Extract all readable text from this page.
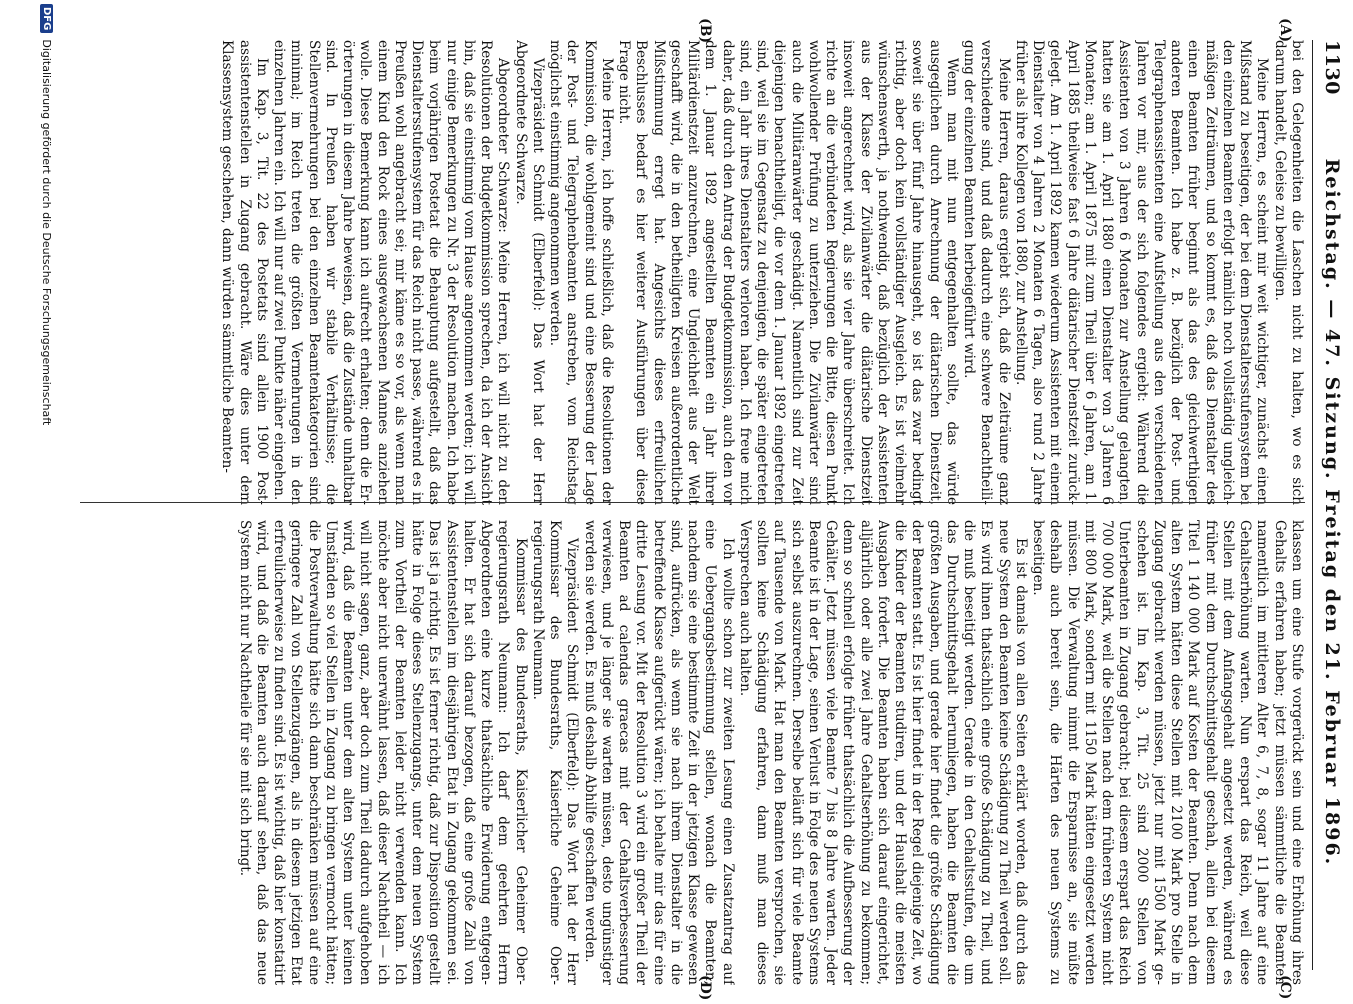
1130
Reichstag. — 47. Sitzung. Freitag den 21. Februar 1896.
(A)
(B)
(C)
(D)

bei den Gelegenheiten die Laschen nicht zu halten, wo es sich darum handelt, Geleise zu bewilligen.

Meine Herren, es scheint mir weit wichtiger, zunächst einen Mißstand zu beseitigen, der bei dem Dienstaltersstufensystem bei den einzelnen Beamten erfolgt nämlich noch vollständig ungleichmäßigen Zeiträumen, und so kommt es, daß das Dienstalter des einen Beamten früher beginnt als das des gleichwerthigen anderen Beamten. Ich habe z. B. bezüglich der Post- und Telegraphenassistenten eine Aufstellung aus den verschiedenen Jahren vor mir, aus der sich folgendes ergiebt: Während die Assistenten von 3 Jahren 6 Monaten zur Anstellung gelangten, hatten sie am 1. April 1880 einen Dienstalter von 3 Jahren 6 Monaten; am 1. April 1875 mit zum Theil über 6 Jahren, am 1. April 1885 theilweise fast 6 Jahre diätarischer Dienstzeit zurückgelegt. Am 1. April 1892 kamen wiederum Assistenten mit einem Dienstalter von 4 Jahren 2 Monaten 6 Tagen, also rund 2 Jahre früher als ihre Kollegen von 1880, zur Anstellung.

Meine Herren, daraus ergiebt sich, daß die Zeiträume ganz verschiedene sind, und daß dadurch eine schwere Benachtheiligung der einzelnen Beamten herbeigeführt wird.

Wenn man mit nun entgegenhalten sollte, das würde ausgeglichen durch Anrechnung der diätarischen Dienstzeit, soweit sie über fünf Jahre hinausgeht, so ist das zwar bedingt richtig, aber doch kein vollständiger Ausgleich. Es ist vielmehr wünschenswerth, ja nothwendig, daß bezüglich der Assistenten aus der Klasse der Zivilanwärter die diätarische Dienstzeit insoweit angerechnet wird, als sie vier Jahre überschreitet. Ich richte an die verbündeten Regierungen die Bitte, diesen Punkt wohlwollender Prüfung zu unterziehen. Die Zivilanwärter sind auch die Militäranwärter geschädigt. Namentlich sind zur Zeit diejenigen benachtheiligt, die vor dem 1. Januar 1892 eingetreten sind, weil sie im Gegensatz zu denjenigen, die später eingetreten sind, ein Jahr ihres Dienstalters verloren haben. Ich freue mich daher, daß durch den Antrag der Budgetkommission, auch den vor dem 1. Januar 1892 angestellten Beamten ein Jahr ihrer Militärdienstzeit anzurechnen, eine Ungleichheit aus der Welt geschafft wird, die in den betheiligten Kreisen außerordentliche Mißstimmung erregt hat. Angesichts dieses erfreulichen Beschlusses bedarf es hier weiterer Ausführungen über diese Frage nicht.

Meine Herren, ich hoffe schließlich, daß die Resolutionen der Kommission, die wohlgemeint sind und eine Besserung der Lage der Post- und Telegraphenbeamten anstreben, vom Reichstag möglichst einstimmig angenommen werden.

Vizepräsident Schmidt (Elberfeld): Das Wort hat der Herr Abgeordnete Schwarze.

Abgeordneter Schwarze: Meine Herren, ich will nicht zu den Resolutionen der Budgetkommission sprechen, da ich der Ansicht bin, daß sie einstimmig vom Hause angenommen werden; ich will nur einige Bemerkungen zu Nr. 3 der Resolution machen. Ich habe beim vorjährigen Postetat die Behauptung aufgestellt, daß das Dienstaltersstufensystem für das Reich nicht passe, während es in Preußen wohl angebracht sei; mir käme es so vor, als wenn man einem Kind den Rock eines ausgewachsenen Mannes anziehen wolle. Diese Bemerkung kann ich aufrecht erhalten; denn die Erörterungen in diesem Jahre beweisen, daß die Zustände unhaltbar sind. In Preußen haben wir stabile Verhältnisse; die Stellenvermehrungen bei den einzelnen Beamtenkategorien sind minimal; im Reich treten die größten Vermehrungen in den einzelnen Jahren ein. Ich will nur auf zwei Punkte näher eingehen.

Im Kap. 3, Tit. 22 des Postetats sind allein 1900 Postassistentenstellen in Zugang gebracht. Wäre dies unter dem Klassensystem geschehen, dann würden sämmtliche Beamten-

klassen um eine Stufe vorgerückt sein und eine Erhöhung ihres Gehalts erfahren haben; jetzt müssen sämmtliche die Beamten namentlich im mittleren Alter 6, 7, 8, sogar 11 Jahre auf eine Gehaltserhöhung warten. Nun erspart das Reich, weil diese Stellen mit dem Anfangsgehalt angesetzt werden, während es früher mit dem Durchschnittsgehalt geschah, allein bei diesem Titel 1 140 000 Mark auf Kosten der Beamten. Denn nach dem alten System hätten diese Stellen mit 2100 Mark pro Stelle in Zugang gebracht werden müssen, jetzt nur mit 1500 Mark geschehen ist. Im Kap. 3, Tit. 25 sind 2000 Stellen von Unterbeamten in Zugang gebracht; bei diesem erspart das Reich 700 000 Mark, weil die Stellen nach dem früheren System nicht mit 800 Mark, sondern mit 1150 Mark hätten eingesetzt werden müssen. Die Verwaltung nimmt die Ersparnisse an, sie müßte deshalb auch bereit sein, die Härten des neuen Systems zu beseitigen.

Es ist damals von allen Seiten erklärt worden, daß durch das neue System den Beamten keine Schädigung zu Theil werden soll. Es wird ihnen thatsächlich eine große Schädigung zu Theil, und die muß beseitigt werden. Gerade in den Gehaltsstufen, die um das Durchschnittsgehalt herumliegen, haben die Beamten die größten Ausgaben, und gerade hier findet die größte Schädigung der Beamten statt. Es ist hier findet in der Regel diejenige Zeit, wo die Kinder der Beamten studiren, und der Haushalt die meisten Ausgaben fordert. Die Beamten haben sich darauf eingerichtet, alljährlich oder alle zwei Jahre Gehaltserhöhung zu bekommen; denn so schnell erfolgte früher thatsächlich die Aufbesserung der Gehälter. Jetzt müssen viele Beamte 7 bis 8 Jahre warten. Jeder Beamte ist in der Lage, seinen Verlust in Folge des neuen Systems sich selbst auszurechnen. Derselbe beläuft sich für viele Beamte auf Tausende von Mark. Hat man den Beamten versprochen, sie sollten keine Schädigung erfahren, dann muß man dieses Versprechen auch halten.

Ich wollte schon zur zweiten Lesung einen Zusatzantrag auf eine Uebergangsbestimmung stellen, wonach die Beamten, nachdem sie eine bestimmte Zeit in der jetzigen Klasse gewesen sind, aufrücken, als wenn sie nach ihrem Dienstalter in die betreffende Klasse aufgerückt wären; ich behalte mir das für eine dritte Lesung vor. Mit der Resolution 3 wird ein großer Theil der Beamten ad calendas graecas mit der Gehaltsverbesserung verwiesen, und je länger sie warten müssen, desto ungünstiger werden sie werden. Es muß deshalb Abhilfe geschaffen werden.

Vizepräsident Schmidt (Elberfeld): Das Wort hat der Herr Kommissar des Bundesraths, Kaiserliche Geheime Oberregierungsrath Neumann.

Kommissar des Bundesraths, Kaiserlicher Geheimer Oberregierungsrath Neumann: Ich darf dem geehrten Herrn Abgeordneten eine kurze thatsächliche Erwiderung entgegenhalten. Er hat sich darauf bezogen, daß eine große Zahl von Assistentenstellen im diesjährigen Etat in Zugang gekommen sei. Das ist ja richtig. Es ist ferner richtig, daß zur Disposition gestellt hätte in Folge dieses Stellenzugangs, unter dem neuen System zum Vortheil der Beamten leider nicht verwenden kann. Ich möchte aber nicht unerwähnt lassen, daß dieser Nachtheil — ich will nicht sagen, ganz, aber doch zum Theil dadurch aufgehoben wird, daß die Beamten unter dem alten System unter keinen Umständen so viel Stellen in Zugang zu bringen vermocht hätten; die Postverwaltung hätte sich dann beschränken müssen auf eine geringere Zahl von Stellenzugängen, als in diesem jetzigen Etat erfreulicherweise zu finden sind. Es ist wichtig, daß hier konstatirt wird, und daß die Beamten auch darauf sehen, daß das neue System nicht nur Nachtheile für sie mit sich bringt.

DFG
Digitalisierung gefördert durch die Deutsche Forschungsgemeinschaft
